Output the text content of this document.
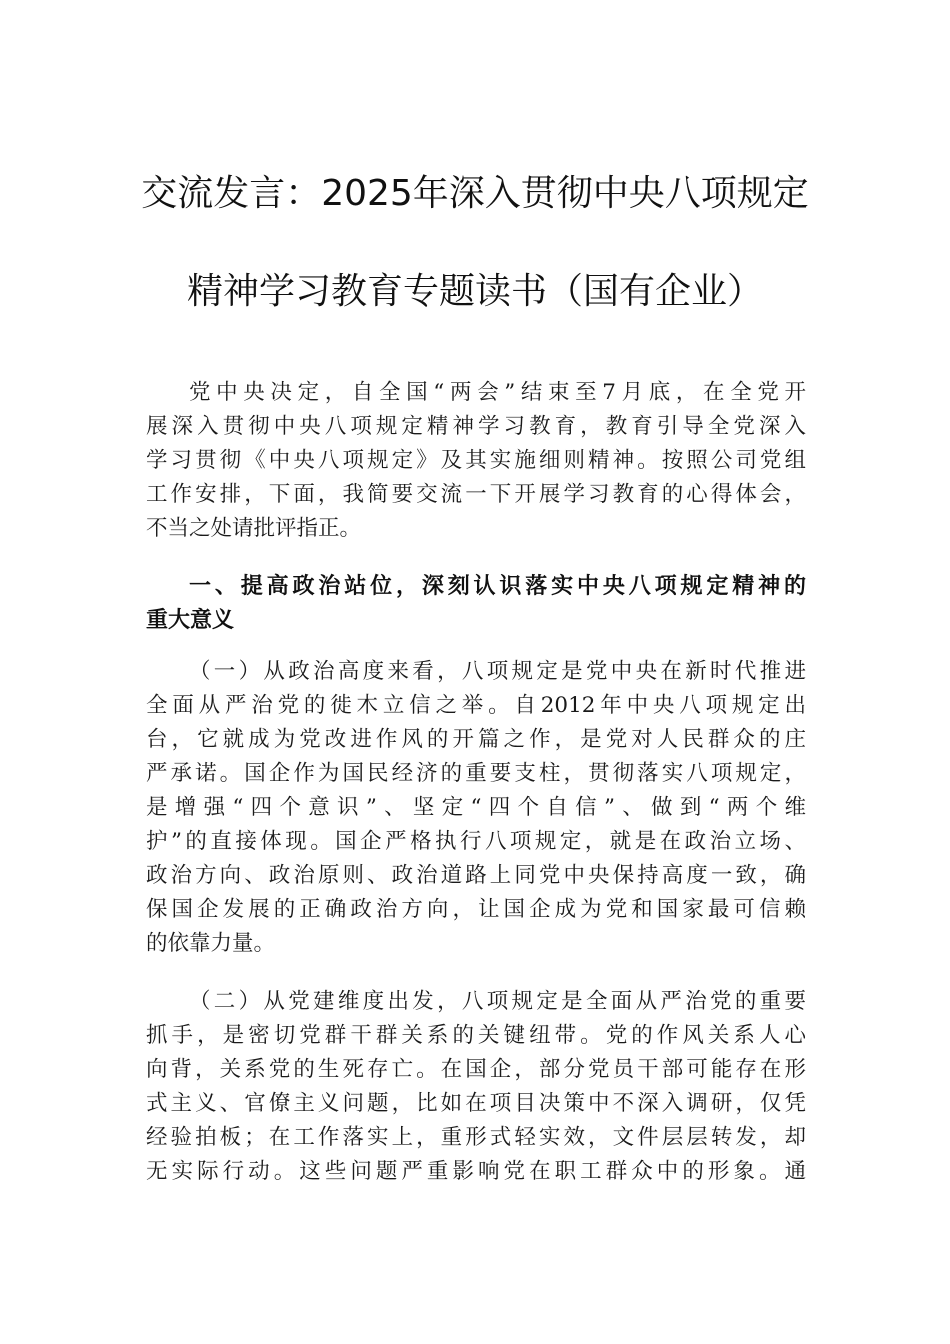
交流发言：2025年深入贯彻中央八项规定
精神学习教育专题读书（国有企业）
党中央决定，自全国“两会”结束至7月底，在全党开
展深入贯彻中央八项规定精神学习教育，教育引导全党深入
学习贯彻《中央八项规定》及其实施细则精神。按照公司党组
工作安排，下面，我简要交流一下开展学习教育的心得体会，
不当之处请批评指正。
一、提高政治站位，深刻认识落实中央八项规定精神的
重大意义
（一）从政治高度来看，八项规定是党中央在新时代推进
全面从严治党的徙木立信之举。自2012年中央八项规定出
台，它就成为党改进作风的开篇之作，是党对人民群众的庄
严承诺。国企作为国民经济的重要支柱，贯彻落实八项规定，
是增强“四个意识”、坚定“四个自信”、做到“两个维
护”的直接体现。国企严格执行八项规定，就是在政治立场、
政治方向、政治原则、政治道路上同党中央保持高度一致，确
保国企发展的正确政治方向，让国企成为党和国家最可信赖
的依靠力量。
（二）从党建维度出发，八项规定是全面从严治党的重要
抓手，是密切党群干群关系的关键纽带。党的作风关系人心
向背，关系党的生死存亡。在国企，部分党员干部可能存在形
式主义、官僚主义问题，比如在项目决策中不深入调研，仅凭
经验拍板；在工作落实上，重形式轻实效，文件层层转发，却
无实际行动。这些问题严重影响党在职工群众中的形象。通
